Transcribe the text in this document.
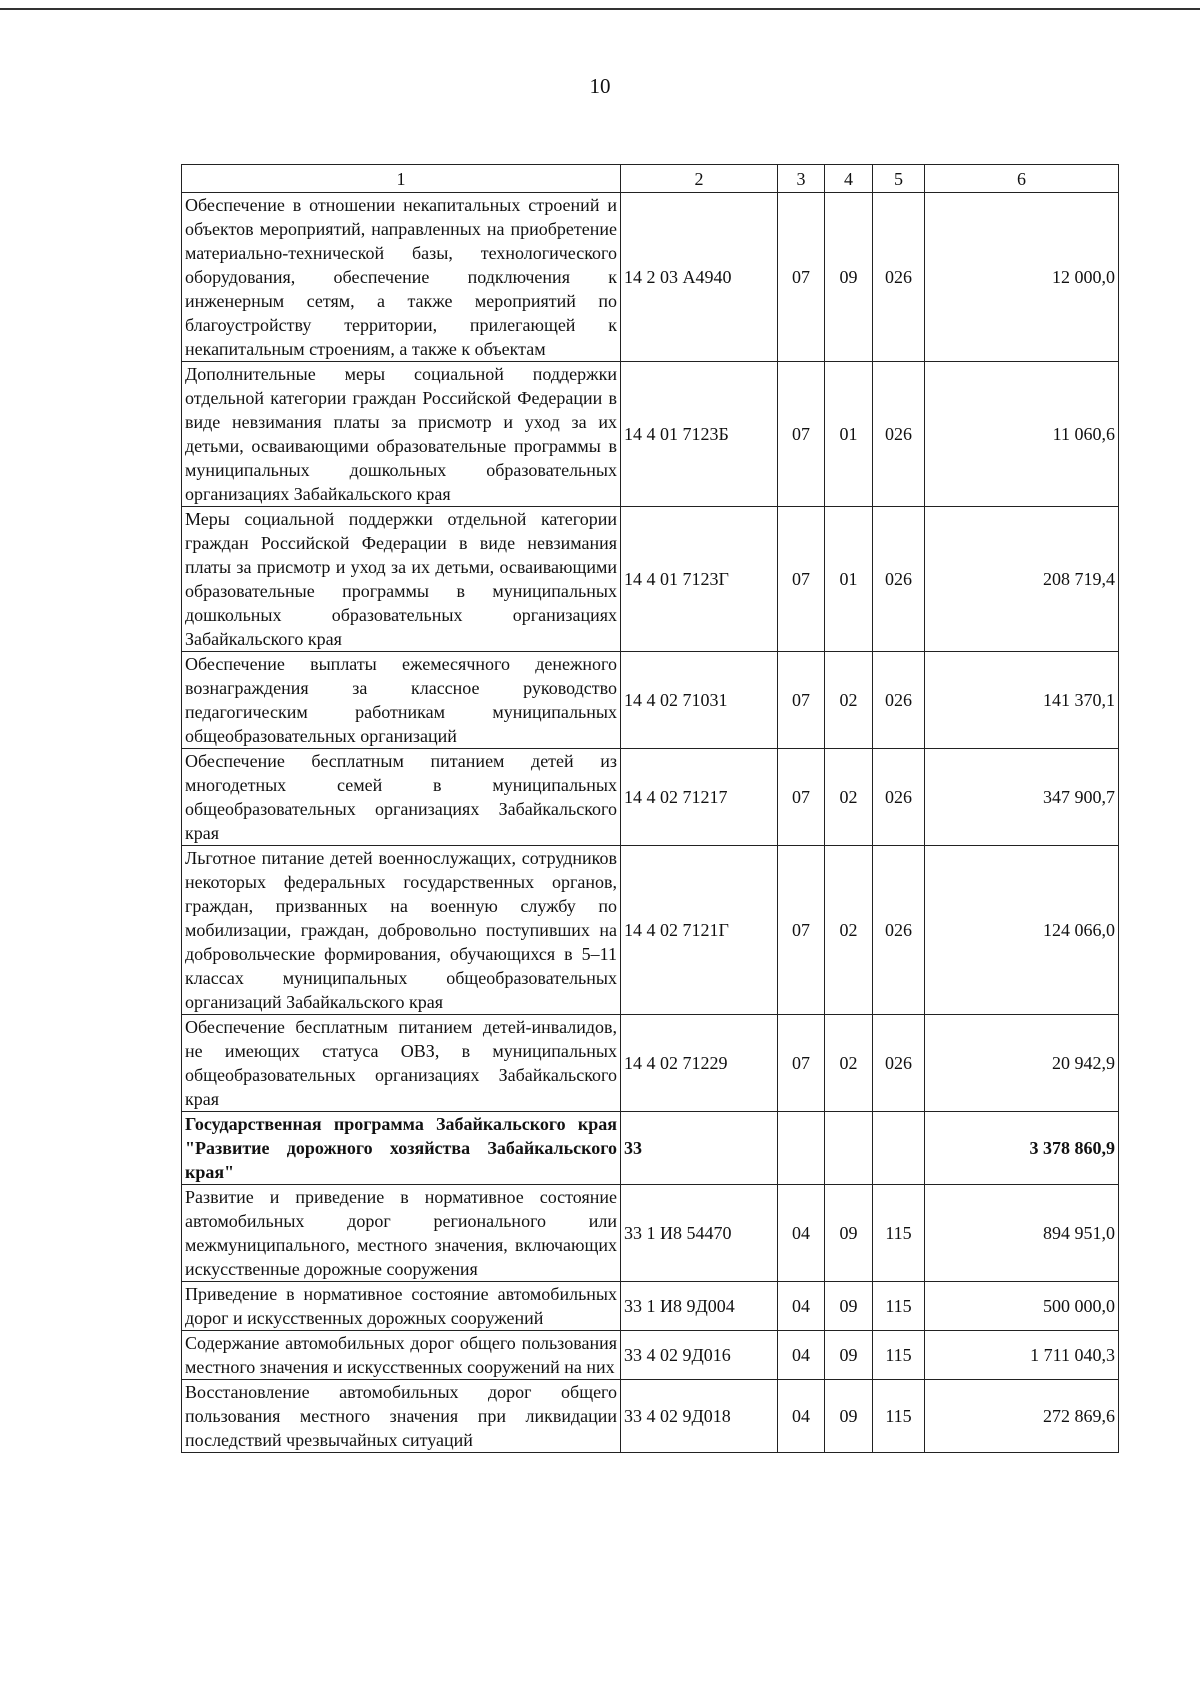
10
1	2	3	4	5	6
Обеспечение в отношении некапитальных строений и объектов мероприятий, направленных на приобретение материально-технической базы, технологического оборудования, обеспечение подключения к инженерным сетям, а также мероприятий по благоустройству территории, прилегающей к некапитальным строениям, а также к объектам	14 2 03 А4940	07	09	026	12 000,0
Дополнительные меры социальной поддержки отдельной категории граждан Российской Федерации в виде невзимания платы за присмотр и уход за их детьми, осваивающими образовательные программы в муниципальных дошкольных образовательных организациях Забайкальского края	14 4 01 7123Б	07	01	026	11 060,6
Меры социальной поддержки отдельной категории граждан Российской Федерации в виде невзимания платы за присмотр и уход за их детьми, осваивающими образовательные программы в муниципальных дошкольных образовательных организациях Забайкальского края	14 4 01 7123Г	07	01	026	208 719,4
Обеспечение выплаты ежемесячного денежного вознаграждения за классное руководство педагогическим работникам муниципальных общеобразовательных организаций	14 4 02 71031	07	02	026	141 370,1
Обеспечение бесплатным питанием детей из многодетных семей в муниципальных общеобразовательных организациях Забайкальского края	14 4 02 71217	07	02	026	347 900,7
Льготное питание детей военнослужащих, сотрудников некоторых федеральных государственных органов, граждан, призванных на военную службу по мобилизации, граждан, добровольно поступивших на добровольческие формирования, обучающихся в 5–11 классах муниципальных общеобразовательных организаций Забайкальского края	14 4 02 7121Г	07	02	026	124 066,0
Обеспечение бесплатным питанием детей-инвалидов, не имеющих статуса ОВЗ, в муниципальных общеобразовательных организациях Забайкальского края	14 4 02 71229	07	02	026	20 942,9
Государственная программа Забайкальского края "Развитие дорожного хозяйства Забайкальского края"	33				3 378 860,9
Развитие и приведение в нормативное состояние автомобильных дорог регионального или межмуниципального, местного значения, включающих искусственные дорожные сооружения	33 1 И8 54470	04	09	115	894 951,0
Приведение в нормативное состояние автомобильных дорог и искусственных дорожных сооружений	33 1 И8 9Д004	04	09	115	500 000,0
Содержание автомобильных дорог общего пользования местного значения и искусственных сооружений на них	33 4 02 9Д016	04	09	115	1 711 040,3
Восстановление автомобильных дорог общего пользования местного значения при ликвидации последствий чрезвычайных ситуаций	33 4 02 9Д018	04	09	115	272 869,6
